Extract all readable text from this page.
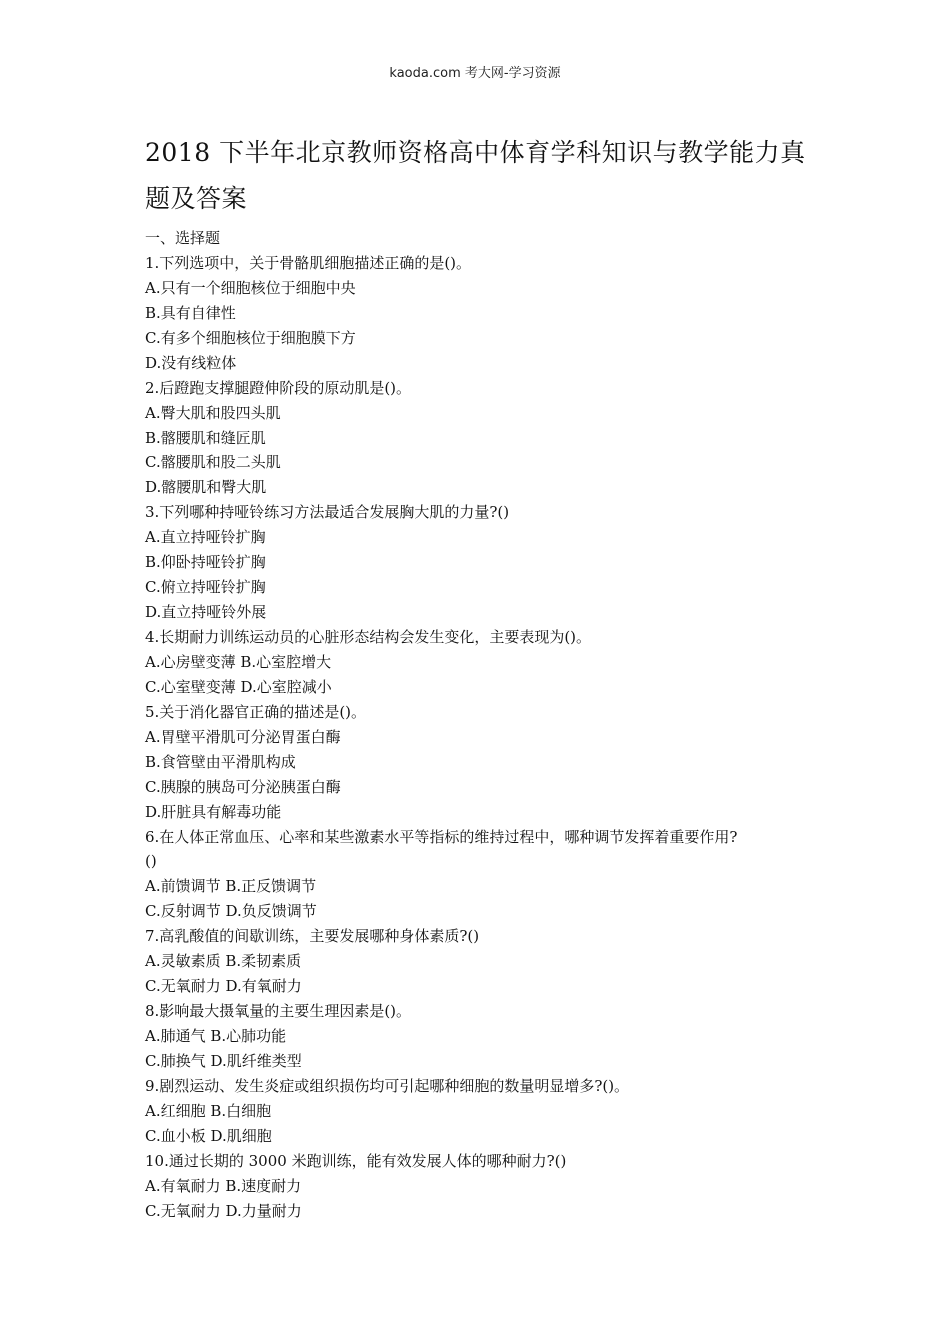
kaoda.com 考大网-学习资源
2018 下半年北京教师资格高中体育学科知识与教学能力真
题及答案
一、选择题
1.下列选项中，关于骨骼肌细胞描述正确的是()。
A.只有一个细胞核位于细胞中央
B.具有自律性
C.有多个细胞核位于细胞膜下方
D.没有线粒体
2.后蹬跑支撑腿蹬伸阶段的原动肌是()。
A.臀大肌和股四头肌
B.髂腰肌和缝匠肌
C.髂腰肌和股二头肌
D.髂腰肌和臀大肌
3.下列哪种持哑铃练习方法最适合发展胸大肌的力量?()
A.直立持哑铃扩胸
B.仰卧持哑铃扩胸
C.俯立持哑铃扩胸
D.直立持哑铃外展
4.长期耐力训练运动员的心脏形态结构会发生变化，主要表现为()。
A.心房壁变薄 B.心室腔增大
C.心室壁变薄 D.心室腔减小
5.关于消化器官正确的描述是()。
A.胃壁平滑肌可分泌胃蛋白酶
B.食管壁由平滑肌构成
C.胰腺的胰岛可分泌胰蛋白酶
D.肝脏具有解毒功能
6.在人体正常血压、心率和某些激素水平等指标的维持过程中，哪种调节发挥着重要作用?
()
A.前馈调节 B.正反馈调节
C.反射调节 D.负反馈调节
7.高乳酸值的间歇训练，主要发展哪种身体素质?()
A.灵敏素质 B.柔韧素质
C.无氧耐力 D.有氧耐力
8.影响最大摄氧量的主要生理因素是()。
A.肺通气 B.心肺功能
C.肺换气 D.肌纤维类型
9.剧烈运动、发生炎症或组织损伤均可引起哪种细胞的数量明显增多?()。
A.红细胞 B.白细胞
C.血小板 D.肌细胞
10.通过长期的 3000 米跑训练，能有效发展人体的哪种耐力?()
A.有氧耐力 B.速度耐力
C.无氧耐力 D.力量耐力
